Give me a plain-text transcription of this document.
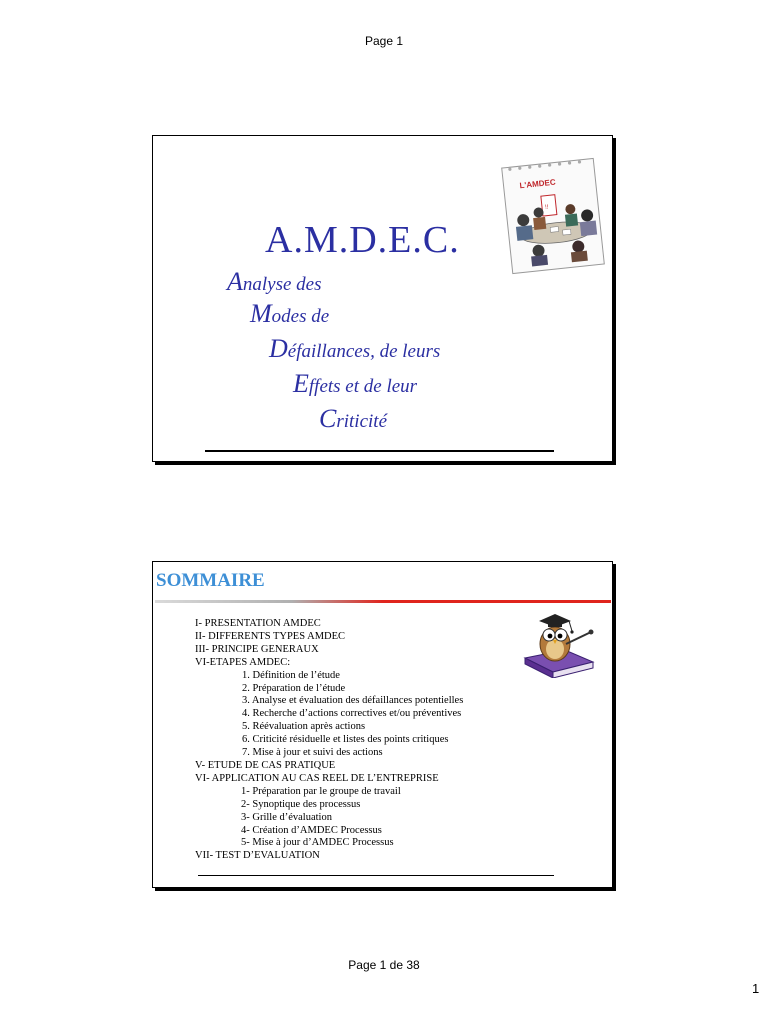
Page 1
A.M.D.E.C.
Analyse des
Modes de
Défaillances, de leurs
Effets et de leur
Criticité
L'AMDEC
!!
SOMMAIRE
I- PRESENTATION AMDEC
II- DIFFERENTS TYPES AMDEC
III- PRINCIPE GENERAUX
VI-ETAPES AMDEC:
1. Définition de l’étude
2. Préparation de l’étude
3. Analyse et évaluation des défaillances potentielles
4. Recherche d’actions correctives et/ou préventives
5. Réévaluation après actions
6. Criticité résiduelle et listes des points critiques
7. Mise à jour et suivi des actions
V- ETUDE DE CAS PRATIQUE
VI- APPLICATION AU CAS REEL DE L’ENTREPRISE
1- Préparation par le groupe de travail
2- Synoptique des processus
3- Grille d’évaluation
4- Création d’AMDEC Processus
5- Mise à jour d’AMDEC Processus
VII- TEST D’EVALUATION
Page 1 de 38
1
